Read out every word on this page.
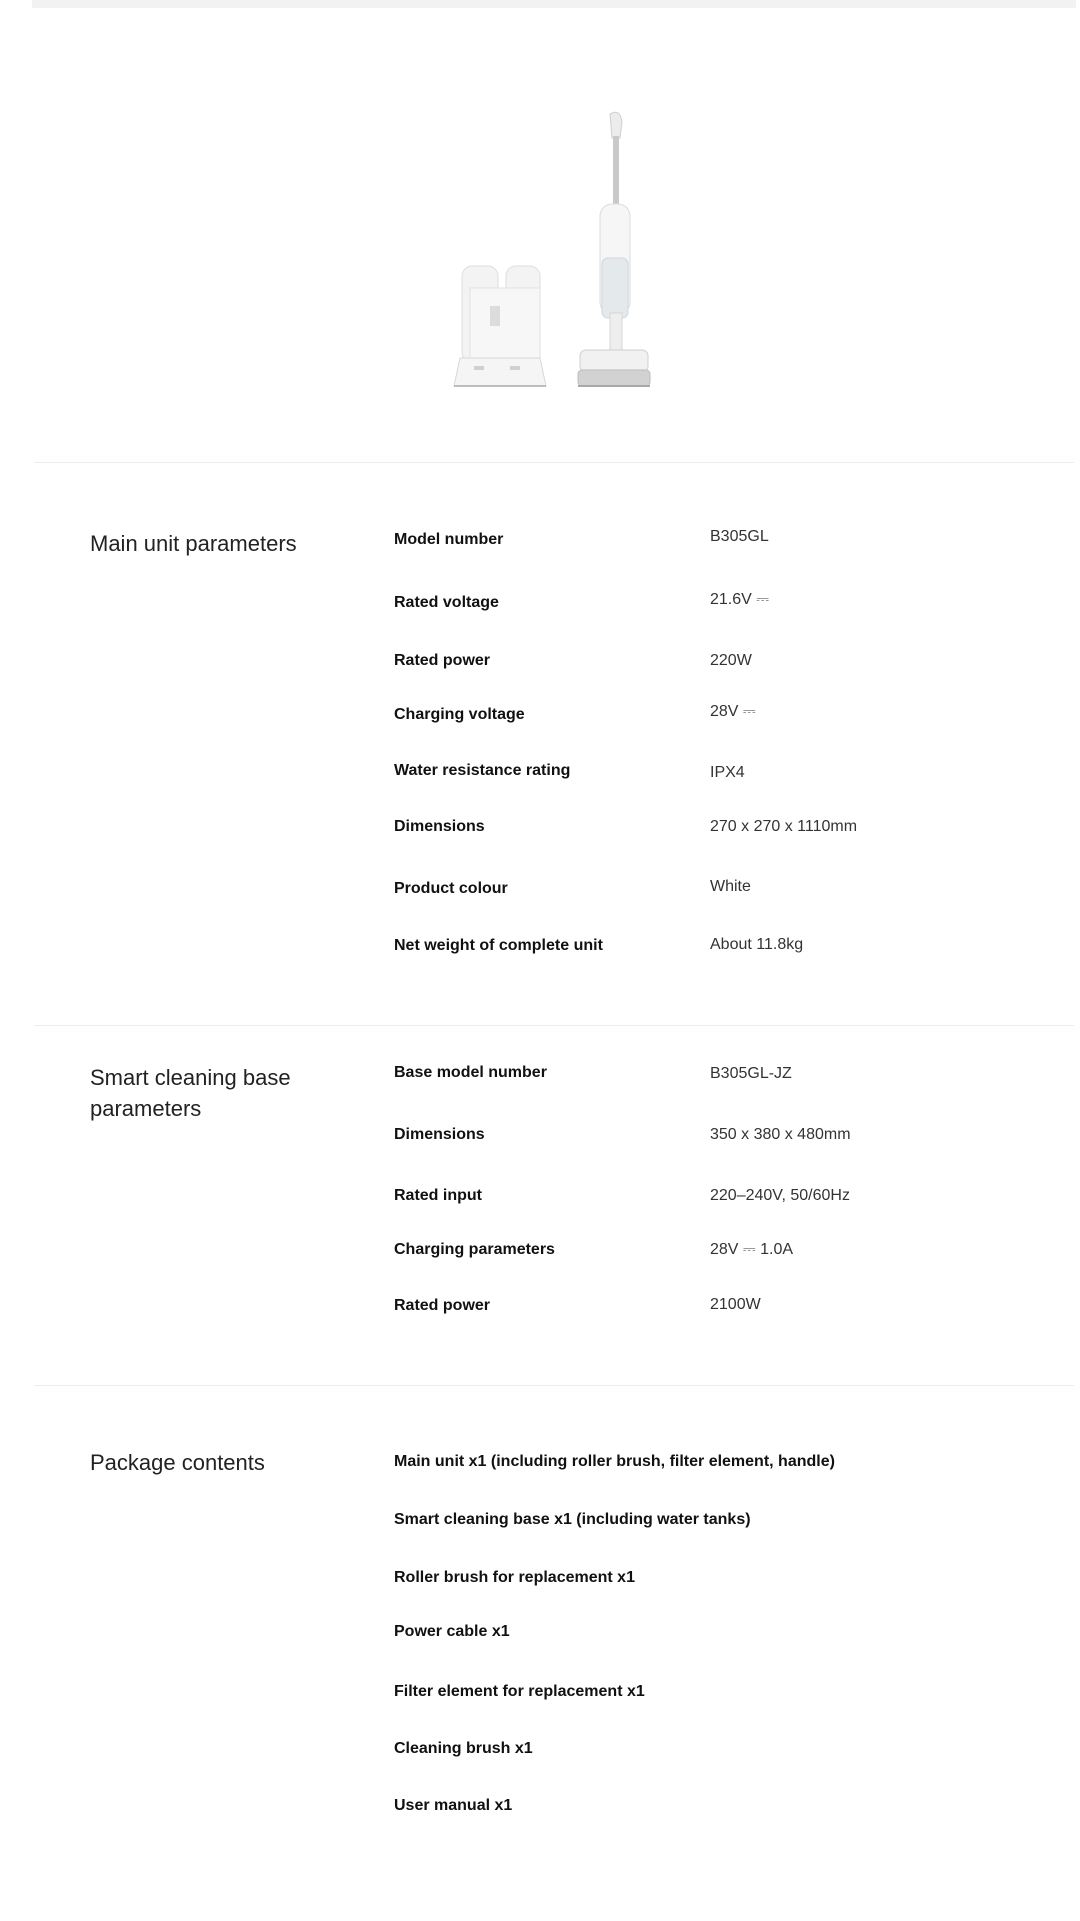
Main unit parameters	Model number	B305GL
Rated voltage	21.6V ⎓
Rated power	220W
Charging voltage	28V ⎓
Water resistance rating	IPX4
Dimensions	270 x 270 x 1110mm
Product colour	White
Net weight of complete unit	About 11.8kg
Smart cleaning base parameters
Base model number	B305GL-JZ
Dimensions	350 x 380 x 480mm
Rated input	220–240V, 50/60Hz
Charging parameters	28V ⎓ 1.0A
Rated power	2100W
Package contents	Main unit x1 (including roller brush, filter element, handle)
Smart cleaning base x1 (including water tanks)
Roller brush for replacement x1
Power cable x1
Filter element for replacement x1
Cleaning brush x1
User manual x1
